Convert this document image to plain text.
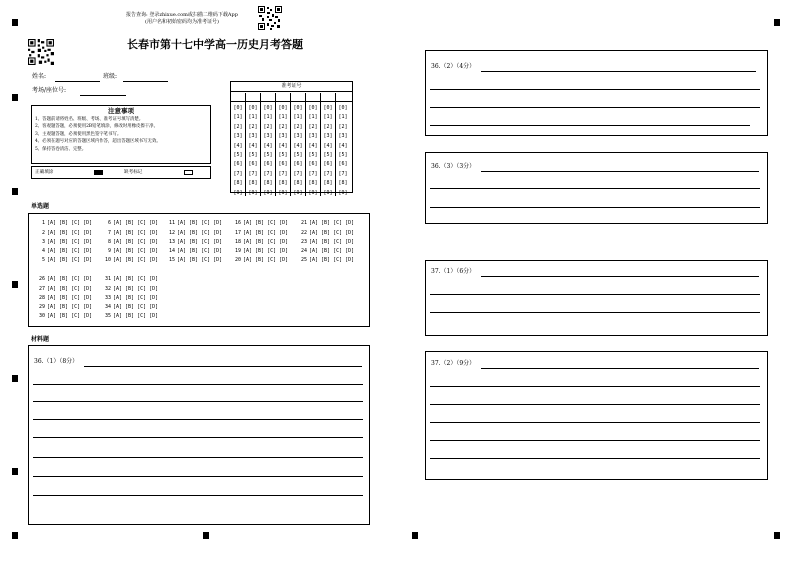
报告查询: 登录zhixue.com或扫描二维码下载App
(用户名和初始密码均为准考证号)
长春市第十七中学高一历史月考答题
姓名:	班级:
考场/座位号:
注意事项
1、答题前请将姓名、班级、考场、准考证号填写清楚。
2、客观题答题，必须使用2B铅笔填涂，修改时用橡皮擦干净。
3、主观题答题，必须使用黑色签字笔书写。
4、必须在题号对应的答题区域内作答，超出答题区域书写无效。
5、保持答卷清洁、完整。
正确填涂	缺考标记
准考证号
[0]
[1]
[2]
[3]
[4]
[5]
[6]
[7]
[8]
[9]
[0]
[1]
[2]
[3]
[4]
[5]
[6]
[7]
[8]
[9]
[0]
[1]
[2]
[3]
[4]
[5]
[6]
[7]
[8]
[9]
[0]
[1]
[2]
[3]
[4]
[5]
[6]
[7]
[8]
[9]
[0]
[1]
[2]
[3]
[4]
[5]
[6]
[7]
[8]
[9]
[0]
[1]
[2]
[3]
[4]
[5]
[6]
[7]
[8]
[9]
[0]
[1]
[2]
[3]
[4]
[5]
[6]
[7]
[8]
[9]
[0]
[1]
[2]
[3]
[4]
[5]
[6]
[7]
[8]
[9]
单选题
1[A] [B] [C] [D]
2[A] [B] [C] [D]
3[A] [B] [C] [D]
4[A] [B] [C] [D]
5[A] [B] [C] [D]
6[A] [B] [C] [D]
7[A] [B] [C] [D]
8[A] [B] [C] [D]
9[A] [B] [C] [D]
10[A] [B] [C] [D]
11[A] [B] [C] [D]
12[A] [B] [C] [D]
13[A] [B] [C] [D]
14[A] [B] [C] [D]
15[A] [B] [C] [D]
16[A] [B] [C] [D]
17[A] [B] [C] [D]
18[A] [B] [C] [D]
19[A] [B] [C] [D]
20[A] [B] [C] [D]
21[A] [B] [C] [D]
22[A] [B] [C] [D]
23[A] [B] [C] [D]
24[A] [B] [C] [D]
25[A] [B] [C] [D]
26[A] [B] [C] [D]
27[A] [B] [C] [D]
28[A] [B] [C] [D]
29[A] [B] [C] [D]
30[A] [B] [C] [D]
31[A] [B] [C] [D]
32[A] [B] [C] [D]
33[A] [B] [C] [D]
34[A] [B] [C] [D]
35[A] [B] [C] [D]
材料题
36.（1）（8分）
36.（2）（4分）
36.（3）（3分）
37.（1）（6分）
37.（2）（9分）
